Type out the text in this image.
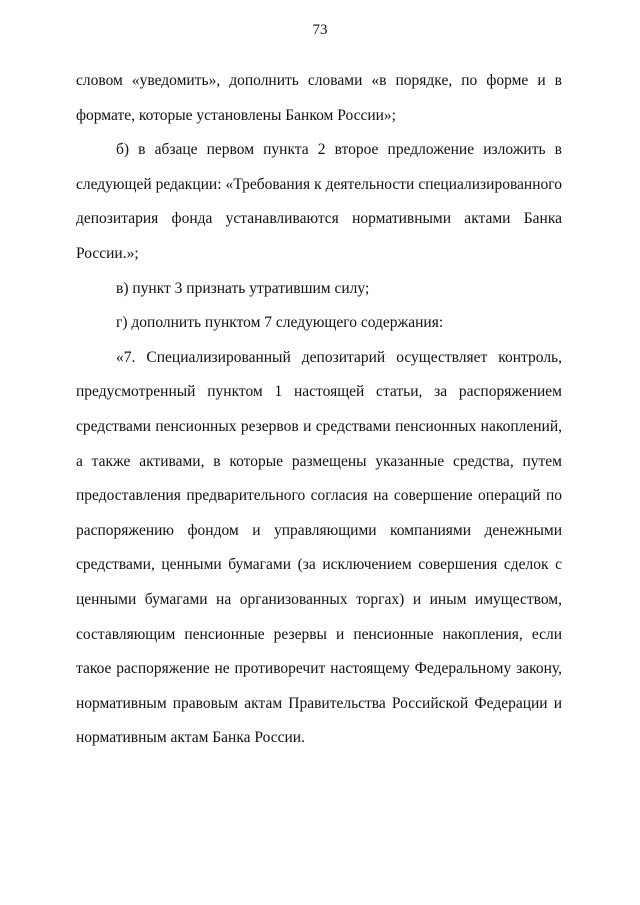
73

словом «уведомить», дополнить словами «в порядке, по форме и в формате, которые установлены Банком России»;

б) в абзаце первом пункта 2 второе предложение изложить в следующей редакции: «Требования к деятельности специализированного депозитария фонда устанавливаются нормативными актами Банка России.»;

в) пункт 3 признать утратившим силу;

г) дополнить пунктом 7 следующего содержания:

«7. Специализированный депозитарий осуществляет контроль, предусмотренный пунктом 1 настоящей статьи, за распоряжением средствами пенсионных резервов и средствами пенсионных накоплений, а также активами, в которые размещены указанные средства, путем предоставления предварительного согласия на совершение операций по распоряжению фондом и управляющими компаниями денежными средствами, ценными бумагами (за исключением совершения сделок с ценными бумагами на организованных торгах) и иным имуществом, составляющим пенсионные резервы и пенсионные накопления, если такое распоряжение не противоречит настоящему Федеральному закону, нормативным правовым актам Правительства Российской Федерации и нормативным актам Банка России.
